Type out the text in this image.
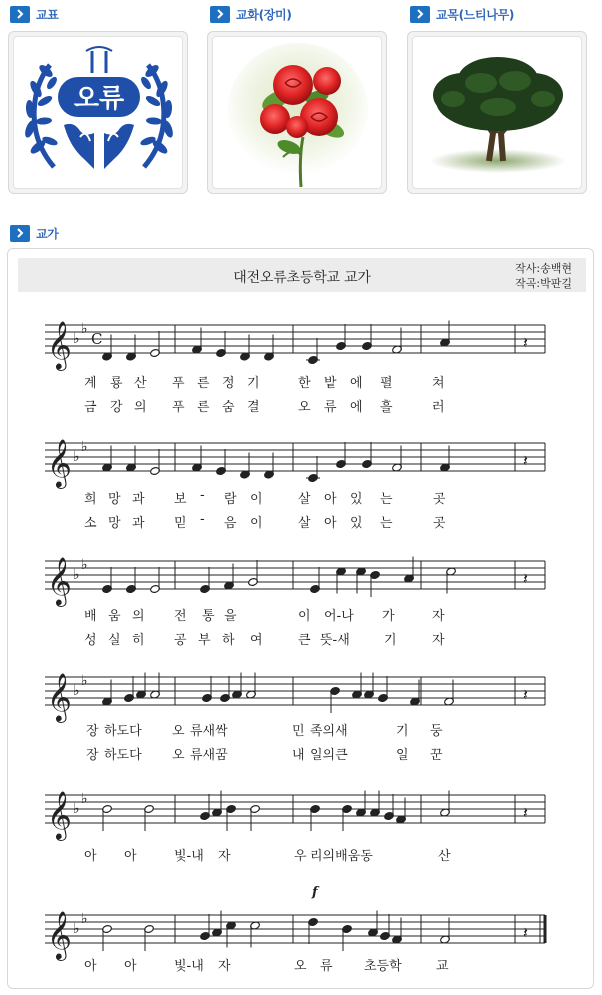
교표	교화(장미)	교목(느티나무)
오류
교가
대전오류초등학교 교가
작사:송백현
작곡:박판길
𝄞 ♭
♭
C	𝄽
계 룡 산 푸 른 정 기	한 밭 에 펼	쳐
금 강 의 푸 른 숨 결	오 류 에 흘	러
𝄞 ♭
♭
𝄽
희 망 과 보 - 람 이	살 아 있 는	곳
소 망 과 믿 - 음 이	살 아 있 는	곳
𝄞 ♭
♭
𝄽
배 움 의 전 통 을	이 어-나 가	자
성 실 히 공 부 하 여	큰 뜻-새	기	자
𝄞 ♭
♭
𝄽
장 하도다 오 류새싹	민 족의새	기 둥
장 하도다 오 류새꿈	내 일의큰	일 꾼
𝄞 ♭
♭
𝄽
아 아	빛-내 자	우 리의배움동	산
𝄞 ♭
♭
𝄽
f
아 아	빛-내 자	오 류 초등학	교
